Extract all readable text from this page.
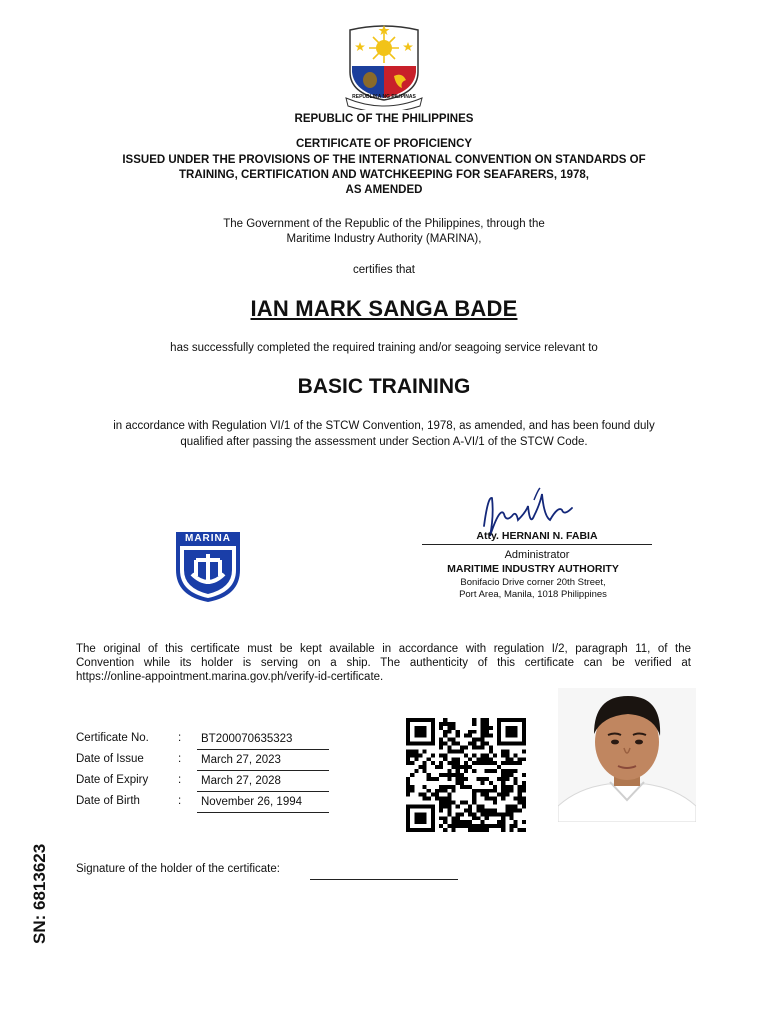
REPUBLIKA NG PILIPINAS
REPUBLIC OF THE PHILIPPINES
CERTIFICATE OF PROFICIENCY
ISSUED UNDER THE PROVISIONS OF THE INTERNATIONAL CONVENTION ON STANDARDS OF
TRAINING, CERTIFICATION AND WATCHKEEPING FOR SEAFARERS, 1978,
AS AMENDED
The Government of the Republic of the Philippines, through the
Maritime Industry Authority (MARINA),
certifies that
IAN MARK SANGA BADE
has successfully completed the required training and/or seagoing service relevant to
BASIC TRAINING
in accordance with Regulation VI/1 of the STCW Convention, 1978, as amended, and has been found duly
qualified after passing the assessment under Section A-VI/1 of the STCW Code.
MARINA	Atty. HERNANI N. FABIA
Administrator
MARITIME INDUSTRY AUTHORITY
Bonifacio Drive corner 20th Street,
Port Area, Manila, 1018 Philippines
The original of this certificate must be kept available in accordance with regulation I/2, paragraph 11, of the
Convention while its holder is serving on a ship. The authenticity of this certificate can be verified at
https://online-appointment.marina.gov.ph/verify-id-certificate.
Certificate No.	:	BT200070635323
Date of Issue	:	March 27, 2023
Date of Expiry	:	March 27, 2028
Date of Birth	:	November 26, 1994
Signature of the holder of the certificate:
SN: 6813623
